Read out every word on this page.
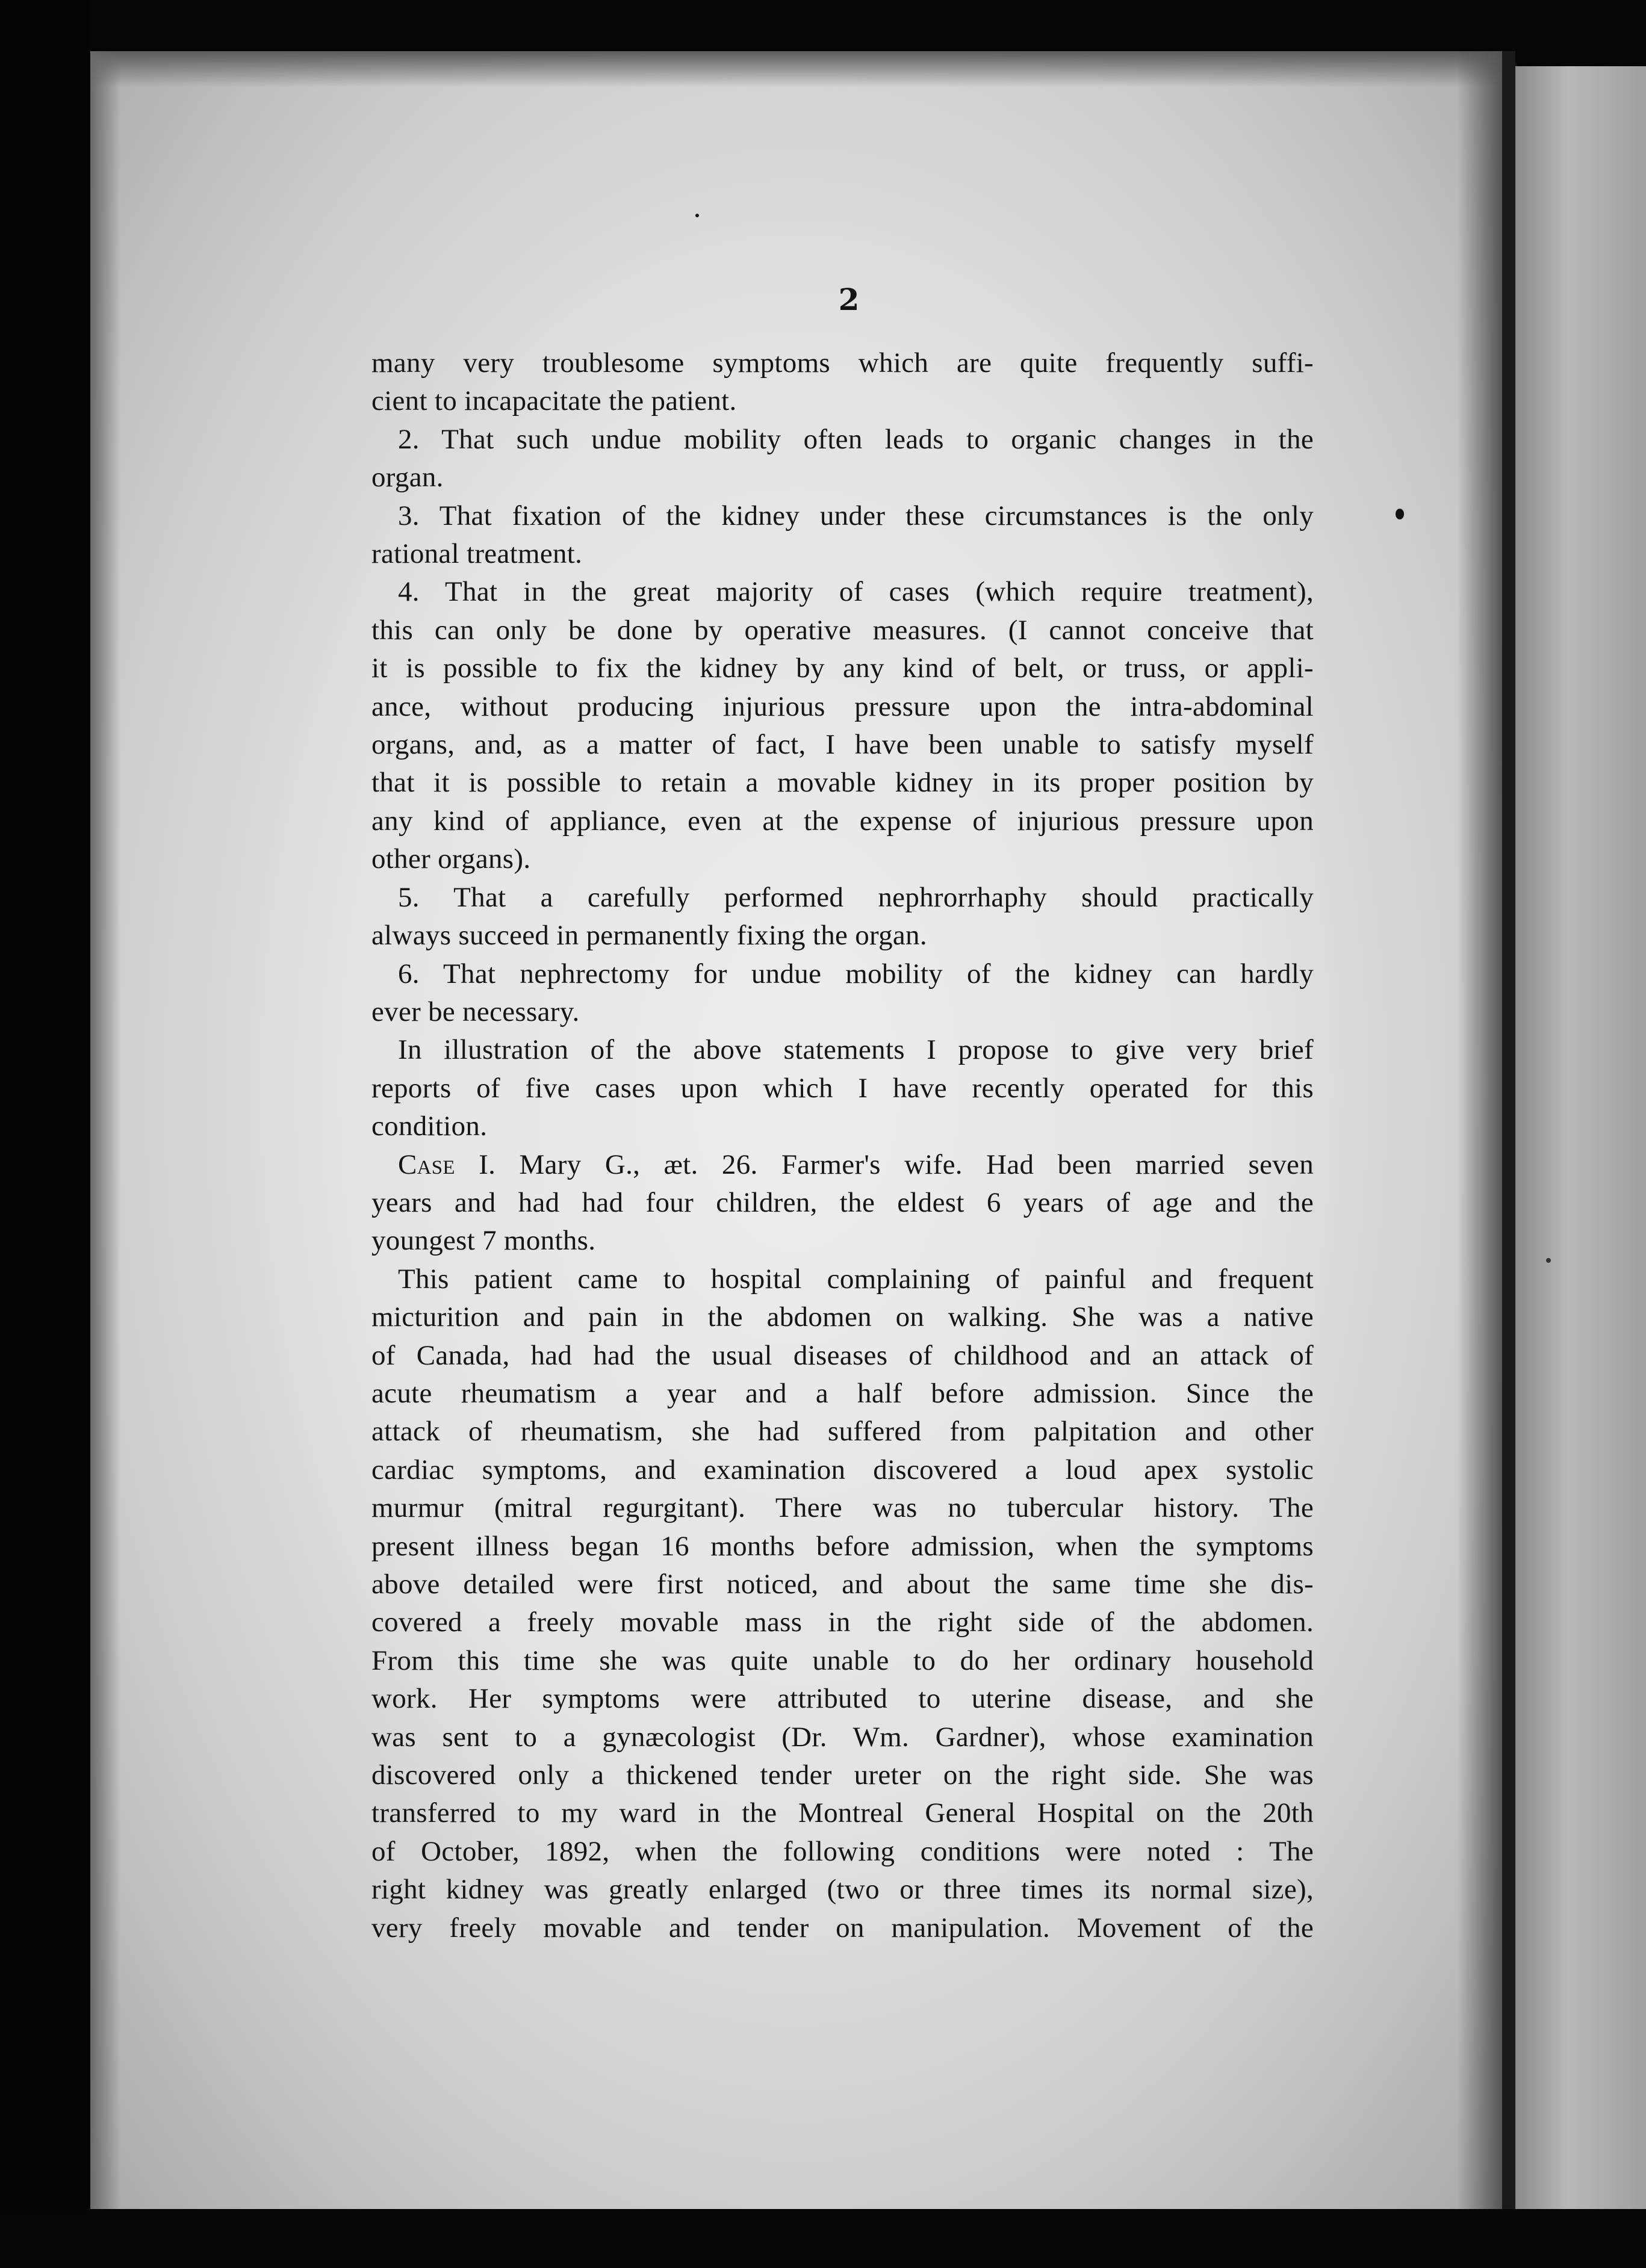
2

many very troublesome symptoms which are quite frequently suffi-

cient to incapacitate the patient.

2. That such undue mobility often leads to organic changes in the

organ.

3. That fixation of the kidney under these circumstances is the only

rational treatment.

4. That in the great majority of cases (which require treatment),

this can only be done by operative measures. (I cannot conceive that

it is possible to fix the kidney by any kind of belt, or truss, or appli-

ance, without producing injurious pressure upon the intra-abdominal

organs, and, as a matter of fact, I have been unable to satisfy myself

that it is possible to retain a movable kidney in its proper position by

any kind of appliance, even at the expense of injurious pressure upon

other organs).

5. That a carefully performed nephrorrhaphy should practically

always succeed in permanently fixing the organ.

6. That nephrectomy for undue mobility of the kidney can hardly

ever be necessary.

In illustration of the above statements I propose to give very brief

reports of five cases upon which I have recently operated for this

condition.

Case I. Mary G., æt. 26. Farmer's wife. Had been married seven

years and had had four children, the eldest 6 years of age and the

youngest 7 months.

This patient came to hospital complaining of painful and frequent

micturition and pain in the abdomen on walking. She was a native

of Canada, had had the usual diseases of childhood and an attack of

acute rheumatism a year and a half before admission. Since the

attack of rheumatism, she had suffered from palpitation and other

cardiac symptoms, and examination discovered a loud apex systolic

murmur (mitral regurgitant). There was no tubercular history. The

present illness began 16 months before admission, when the symptoms

above detailed were first noticed, and about the same time she dis-

covered a freely movable mass in the right side of the abdomen.

From this time she was quite unable to do her ordinary household

work. Her symptoms were attributed to uterine disease, and she

was sent to a gynæcologist (Dr. Wm. Gardner), whose examination

discovered only a thickened tender ureter on the right side. She was

transferred to my ward in the Montreal General Hospital on the 20th

of October, 1892, when the following conditions were noted : The

right kidney was greatly enlarged (two or three times its normal size),

very freely movable and tender on manipulation. Movement of the
